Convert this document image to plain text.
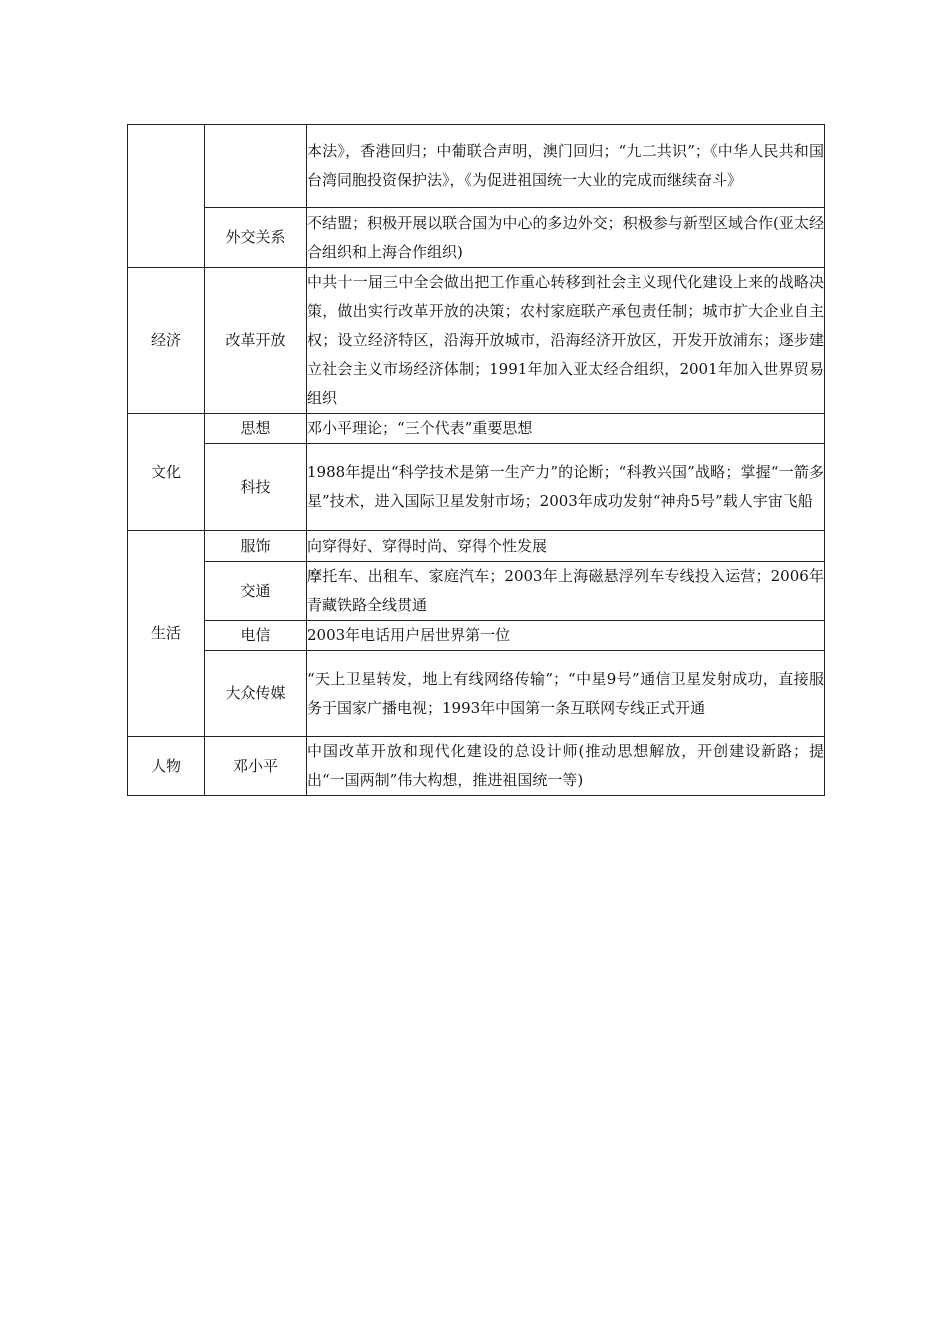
		本法》，香港回归；中葡联合声明，澳门回归；“九二共识”；《中华人民共和国台湾同胞投资保护法》，《为促进祖国统一大业的完成而继续奋斗》

	外交关系	不结盟；积极开展以联合国为中心的多边外交；积极参与新型区域合作(亚太经合组织和上海合作组织)

经济	改革开放	中共十一届三中全会做出把工作重心转移到社会主义现代化建设上来的战略决策，做出实行改革开放的决策；农村家庭联产承包责任制；城市扩大企业自主权；设立经济特区，沿海开放城市，沿海经济开放区，开发开放浦东；逐步建立社会主义市场经济体制；1991年加入亚太经合组织，2001年加入世界贸易组织

文化	思想	邓小平理论；“三个代表”重要思想

	科技	1988年提出“科学技术是第一生产力”的论断；“科教兴国”战略；掌握“一箭多星”技术，进入国际卫星发射市场；2003年成功发射“神舟5号”载人宇宙飞船

生活	服饰	向穿得好、穿得时尚、穿得个性发展

	交通	摩托车、出租车、家庭汽车；2003年上海磁悬浮列车专线投入运营；2006年青藏铁路全线贯通

	电信	2003年电话用户居世界第一位

	大众传媒	“天上卫星转发，地上有线网络传输”；“中星9号”通信卫星发射成功，直接服务于国家广播电视；1993年中国第一条互联网专线正式开通

人物	邓小平	中国改革开放和现代化建设的总设计师(推动思想解放，开创建设新路；提出“一国两制”伟大构想，推进祖国统一等)
